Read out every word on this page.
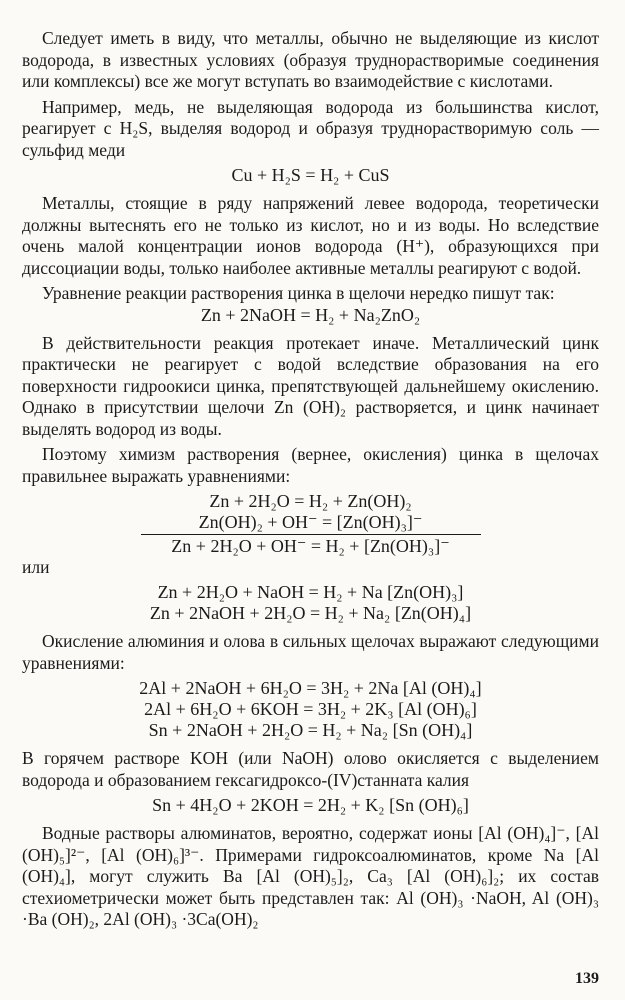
Следует иметь в виду, что металлы, обычно не выделяющие из кислот водорода, в известных условиях (образуя труднорастворимые соединения или комплексы) все же могут вступать во взаимодействие с кислотами.

Например, медь, не выделяющая водорода из большинства кислот, реагирует с H₂S, выделяя водород и образуя труднорастворимую соль — сульфид меди

Cu + H₂S = H₂ + CuS

Металлы, стоящие в ряду напряжений левее водорода, теоретически должны вытеснять его не только из кислот, но и из воды. Но вследствие очень малой концентрации ионов водорода (H⁺), образующихся при диссоциации воды, только наиболее активные металлы реагируют с водой.

Уравнение реакции растворения цинка в щелочи нередко пишут так:

Zn + 2NaOH = H₂ + Na₂ZnO₂

В действительности реакция протекает иначе. Металлический цинк практически не реагирует с водой вследствие образования на его поверхности гидроокиси цинка, препятствующей дальнейшему окислению. Однако в присутствии щелочи Zn (OH)₂ растворяется, и цинк начинает выделять водород из воды.

Поэтому химизм растворения (вернее, окисления) цинка в щелочах правильнее выражать уравнениями:

Zn + 2H₂O = H₂ + Zn(OH)₂

Zn(OH)₂ + OH⁻ = [Zn(OH)₃]⁻

Zn + 2H₂O + OH⁻ = H₂ + [Zn(OH)₃]⁻

или

Zn + 2H₂O + NaOH = H₂ + Na [Zn(OH)₃]

Zn + 2NaOH + 2H₂O = H₂ + Na₂ [Zn(OH)₄]

Окисление алюминия и олова в сильных щелочах выражают следующими уравнениями:

2Al + 2NaOH + 6H₂O = 3H₂ + 2Na [Al (OH)₄]

2Al + 6H₂O + 6KOH = 3H₂ + 2K₃ [Al (OH)₆]

Sn + 2NaOH + 2H₂O = H₂ + Na₂ [Sn (OH)₄]

В горячем растворе KOH (или NaOH) олово окисляется с выделением водорода и образованием гексагидроксо-(IV)станната калия

Sn + 4H₂O + 2KOH = 2H₂ + K₂ [Sn (OH)₆]

Водные растворы алюминатов, вероятно, содержат ионы [Al (OH)₄]⁻, [Al (OH)₅]²⁻, [Al (OH)₆]³⁻. Примерами гидроксоалюминатов, кроме Na [Al (OH)₄], могут служить Ba [Al (OH)₅]₂, Ca₃ [Al (OH)₆]₂; их состав стехиометрически может быть представлен так: Al (OH)₃ ·NaOH, Al (OH)₃ ·Ba (OH)₂, 2Al (OH)₃ ·3Ca(OH)₂

139
